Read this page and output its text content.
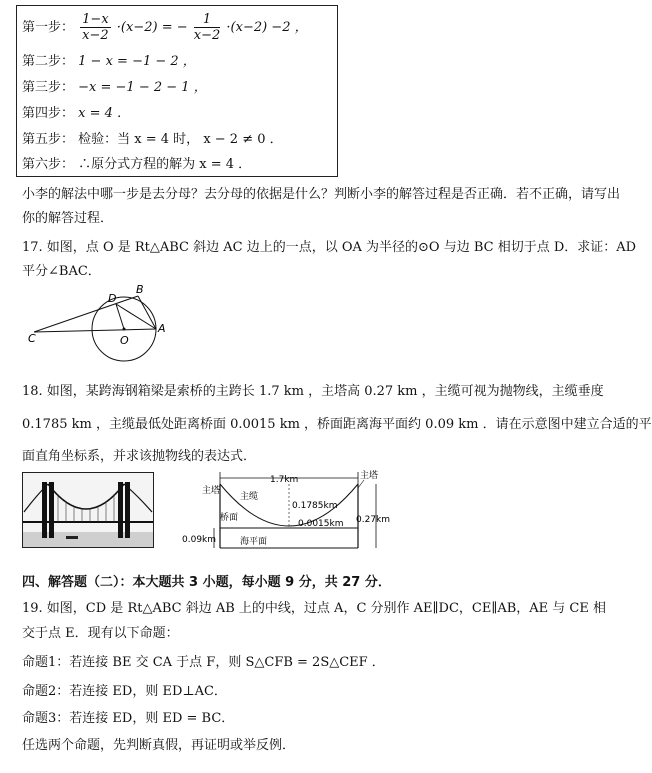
第一步： $\frac{1-x}{x-2} \cdot(x-2)$ = − $\frac{1}{x-2} \cdot(x-2) -2$ ，
第二步： 1 − x = −1 − 2 ，
第三步： −x = −1 − 2 − 1 ，
第四步： x = 4 ．
第五步： 检验：当 x = 4 时， x − 2 ≠ 0 ．
第六步： ∴原分式方程的解为 x = 4 ．
小李的解法中哪一步是去分母？去分母的依据是什么？判断小李的解答过程是否正确．若不正确，请写出
你的解答过程．
17. 如图，点 O 是 Rt△ABC 斜边 AC 边上的一点，以 OA 为半径的⊙O 与边 BC 相切于点 D．求证：AD
平分∠BAC．
B
D
C	O
A
18. 如图，某跨海钢箱梁是索桥的主跨长 1.7 km ，主塔高 0.27 km ，主缆可视为抛物线，主缆垂度
0.1785 km ，主缆最低处距离桥面 0.0015 km ，桥面距离海平面约 0.09 km ．请在示意图中建立合适的平
面直角坐标系，并求该抛物线的表达式．
1.7km
主塔
主塔
主缆
桥面
海平面
0.1785km
0.0015km 0.27km
0.09km
四、解答题（二）：本大题共 3 小题，每小题 9 分，共 27 分．
19. 如图，CD 是 Rt△ABC 斜边 AB 上的中线，过点 A，C 分别作 AE∥DC，CE∥AB，AE 与 CE 相
交于点 E．现有以下命题：
命题1：若连接 BE 交 CA 于点 F，则 S△CFB = 2S△CEF ．
命题2：若连接 ED，则 ED⊥AC．
命题3：若连接 ED，则 ED = BC．
任选两个命题，先判断真假，再证明或举反例．
